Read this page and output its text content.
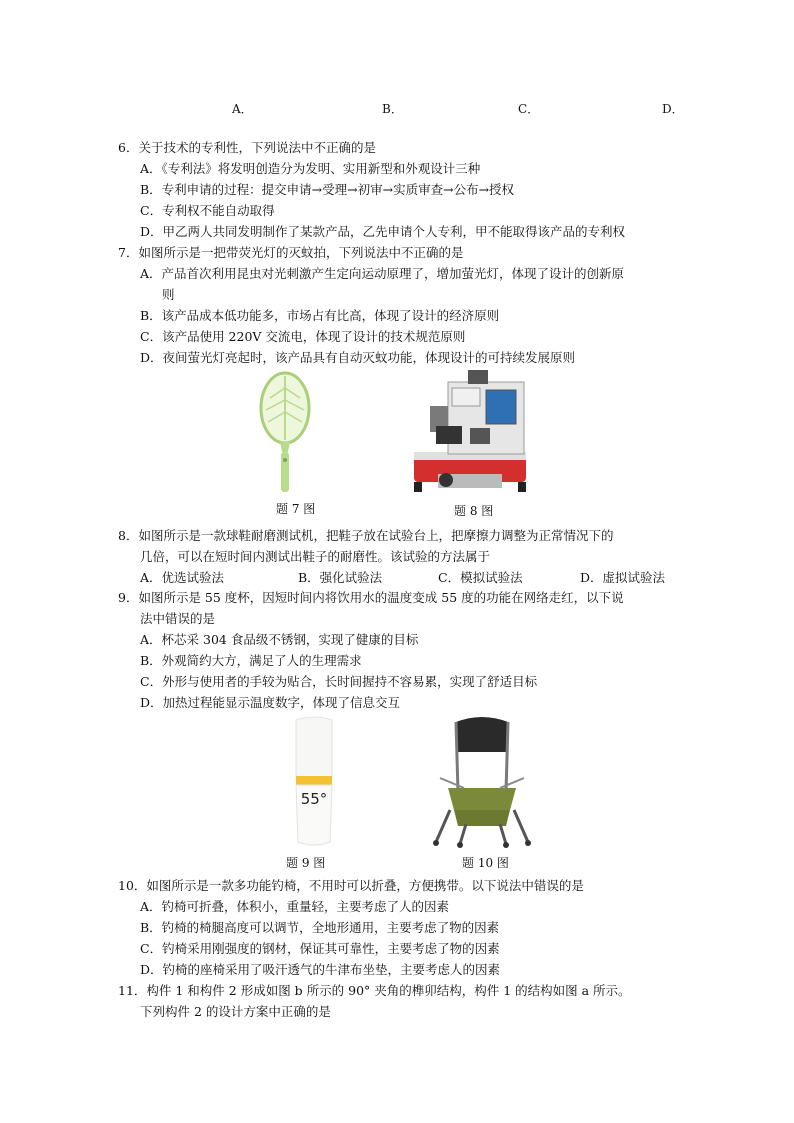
A．	B．	C．	D．
6．关于技术的专利性，下列说法中不正确的是
A．《专利法》将发明创造分为发明、实用新型和外观设计三种
B．专利申请的过程：提交申请→受理→初审→实质审查→公布→授权
C．专利权不能自动取得
D．甲乙两人共同发明制作了某款产品，乙先申请个人专利，甲不能取得该产品的专利权
7．如图所示是一把带荧光灯的灭蚊拍，下列说法中不正确的是
A．产品首次利用昆虫对光刺激产生定向运动原理了，增加萤光灯，体现了设计的创新原
则
B．该产品成本低功能多，市场占有比高，体现了设计的经济原则
C．该产品使用 220V 交流电，体现了设计的技术规范原则
D．夜间萤光灯亮起时，该产品具有自动灭蚊功能，体现设计的可持续发展原则
题 7 图	题 8 图
8．如图所示是一款球鞋耐磨测试机，把鞋子放在试验台上，把摩擦力调整为正常情况下的
几倍，可以在短时间内测试出鞋子的耐磨性。该试验的方法属于
A．优选试验法	B．强化试验法	C．模拟试验法	D．虚拟试验法
9．如图所示是 55 度杯，因短时间内将饮用水的温度变成 55 度的功能在网络走红，以下说
法中错误的是
A．杯芯采 304 食品级不锈钢，实现了健康的目标
B．外观简约大方，满足了人的生理需求
C．外形与使用者的手较为贴合，长时间握持不容易累，实现了舒适目标
D．加热过程能显示温度数字，体现了信息交互
55°
题 9 图	题 10 图
10．如图所示是一款多功能钓椅，不用时可以折叠，方便携带。以下说法中错误的是
A．钓椅可折叠，体积小，重量轻，主要考虑了人的因素
B．钓椅的椅腿高度可以调节，全地形通用，主要考虑了物的因素
C．钓椅采用刚强度的钢材，保证其可靠性，主要考虑了物的因素
D．钓椅的座椅采用了吸汗透气的牛津布坐垫，主要考虑人的因素
11．构件 1 和构件 2 形成如图 b 所示的 90° 夹角的榫卯结构，构件 1 的结构如图 a 所示。
下列构件 2 的设计方案中正确的是
